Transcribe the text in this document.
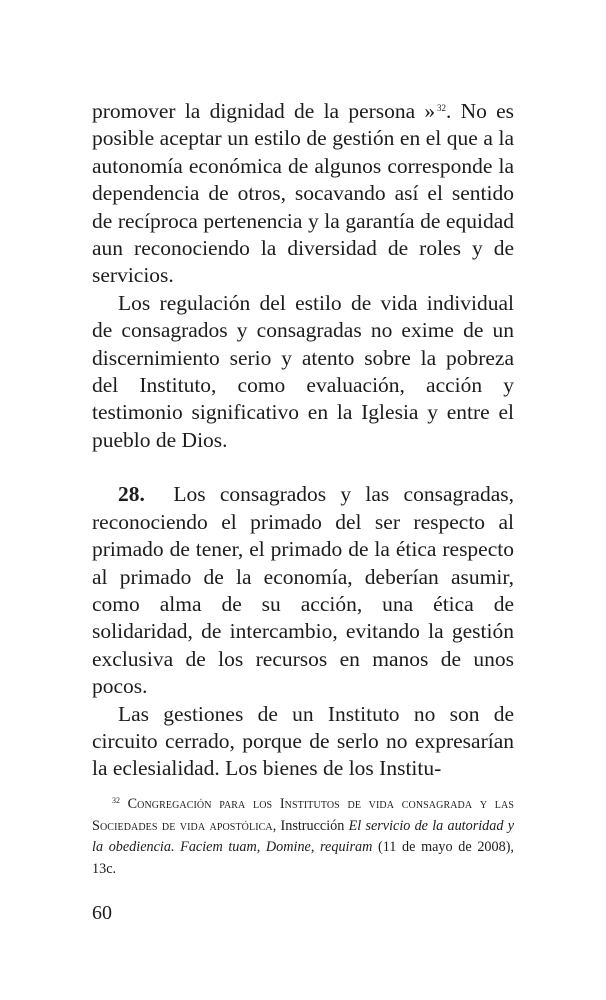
promover la dignidad de la persona »  $^{32}$. No es posible aceptar un estilo de gestión en el que a la autonomía económica de algunos corresponde la dependencia de otros, socavando así el sentido de recíproca pertenencia y la garantía de equidad aun reconociendo la diversidad de roles y de servicios.

Los regulación del estilo de vida individual de consagrados y consagradas no exime de un discernimiento serio y atento sobre la pobreza del Instituto, como evaluación, acción y testimonio significativo en la Iglesia y entre el pueblo de Dios.

28. Los consagrados y las consagradas, reconociendo el primado del ser respecto al primado de tener, el primado de la ética respecto al primado de la economía, deberían asumir, como alma de su acción, una ética de solidaridad, de intercambio, evitando la gestión exclusiva de los recursos en manos de unos pocos.

Las gestiones de un Instituto no son de circuito cerrado, porque de serlo no expresarían la eclesialidad. Los bienes de los Institu-

$^{32}$ Congregación para los Institutos de vida consagrada y las Sociedades de vida apostólica, Instrucción El servicio de la autoridad y la obediencia. Faciem tuam, Domine, requiram (11 de mayo de 2008), 13c.

60
